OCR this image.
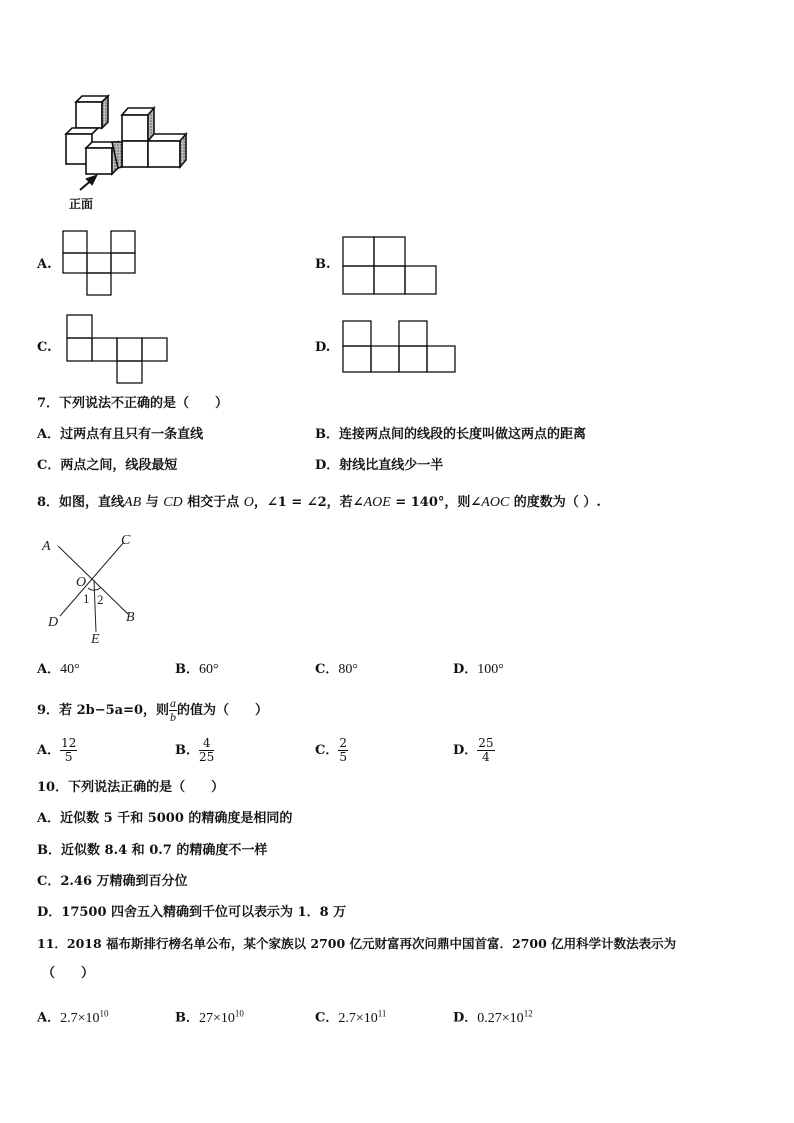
正面
A.	B.
C.	D.
7．下列说法不正确的是（　　）
A．过两点有且只有一条直线	B．连接两点间的线段的长度叫做这两点的距离
C．两点之间，线段最短	D．射线比直线少一半
8．如图，直线AB 与 CD 相交于点 O，∠1 = ∠2，若∠AOE = 140°，则∠AOC 的度数为（ ）.
A	C
O
D	B
E
1 2
A．40°	B．60°	C．80°	D．100°
9．若 2b−5a=0，则 $\frac{a}{b}$ 的值为（　　）
A． $\frac{12}{5}$	B． $\frac{4}{25}$	C． $\frac{2}{5}$	D． $\frac{25}{4}$
10．下列说法正确的是（　　）
A．近似数 5 千和 5000 的精确度是相同的
B．近似数 8.4 和 0.7 的精确度不一样
C．2.46 万精确到百分位
D．17500 四舍五入精确到千位可以表示为 1．8 万
11．2018 福布斯排行榜名单公布，某个家族以 2700 亿元财富再次问鼎中国首富．2700 亿用科学计数法表示为
（　　）
A．$2.7\times 10^{10}$	B．$27\times 10^{10}$	C．$2.7\times 10^{11}$	D．$0.27\times 10^{12}$
